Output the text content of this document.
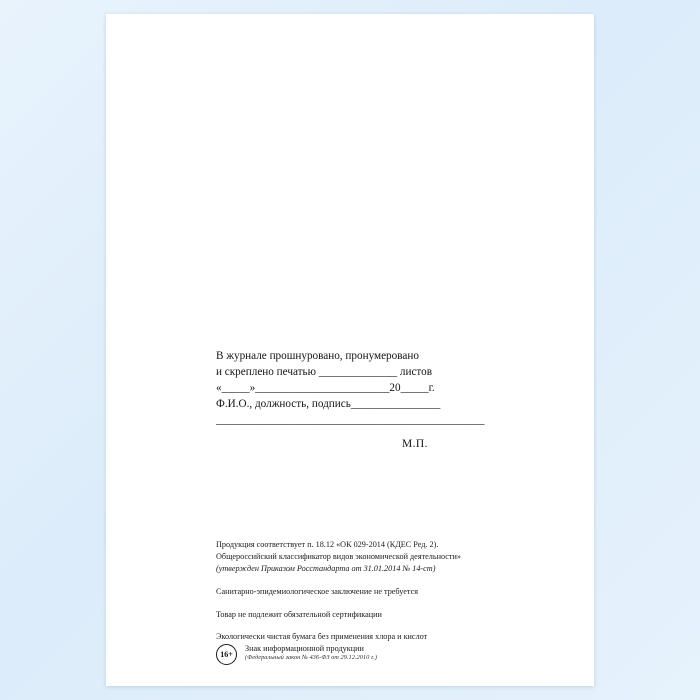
В журнале прошнуровано, пронумеровано
и скреплено печатью ______________ листов
«_____»________________________20_____г.
Ф.И.О., должность, подпись________________
________________________________________________
М.П.

Продукция соответствует п. 18.12 «ОК 029-2014 (КДЕС Ред. 2).

Общероссийский классификатор видов экономической деятельности»

(утвержден Приказом Росстандарта от 31.01.2014 № 14-ст)

Санитарно-эпидемиологическое заключение не требуется

Товар не подлежит обязательной сертификации

Экологически чистая бумага без применения хлора и кислот

16+
Знак информационной продукции
(Федеральный закон № 436-ФЗ от 29.12.2010 г.)
